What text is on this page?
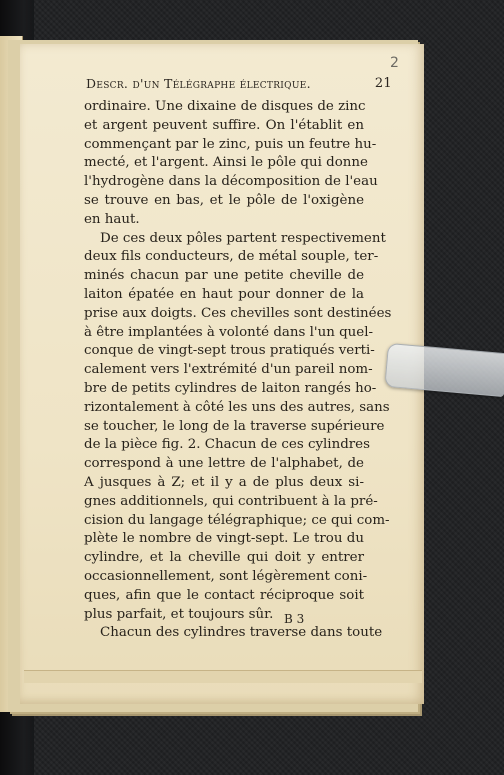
2
Descr. d'un Télégraphe électrique.	21
ordinaire. Une dixaine de disques de zinc
et argent peuvent suffire. On l'établit en
commençant par le zinc, puis un feutre hu-
mecté, et l'argent. Ainsi le pôle qui donne
l'hydrogène dans la décomposition de l'eau
se trouve en bas, et le pôle de l'oxigène
en haut.
De ces deux pôles partent respectivement
deux fils conducteurs, de métal souple, ter-
minés chacun par une petite cheville de
laiton épatée en haut pour donner de la
prise aux doigts. Ces chevilles sont destinées
à être implantées à volonté dans l'un quel-
conque de vingt-sept trous pratiqués verti-
calement vers l'extrémité d'un pareil nom-
bre de petits cylindres de laiton rangés ho-
rizontalement à côté les uns des autres, sans
se toucher, le long de la traverse supérieure
de la pièce fig. 2. Chacun de ces cylindres
correspond à une lettre de l'alphabet, de
A jusques à Z; et il y a de plus deux si-
gnes additionnels, qui contribuent à la pré-
cision du langage télégraphique; ce qui com-
plète le nombre de vingt-sept. Le trou du
cylindre, et la cheville qui doit y entrer
occasionnellement, sont légèrement coni-
ques, afin que le contact réciproque soit
plus parfait, et toujours sûr.
Chacun des cylindres traverse dans toute
B 3
